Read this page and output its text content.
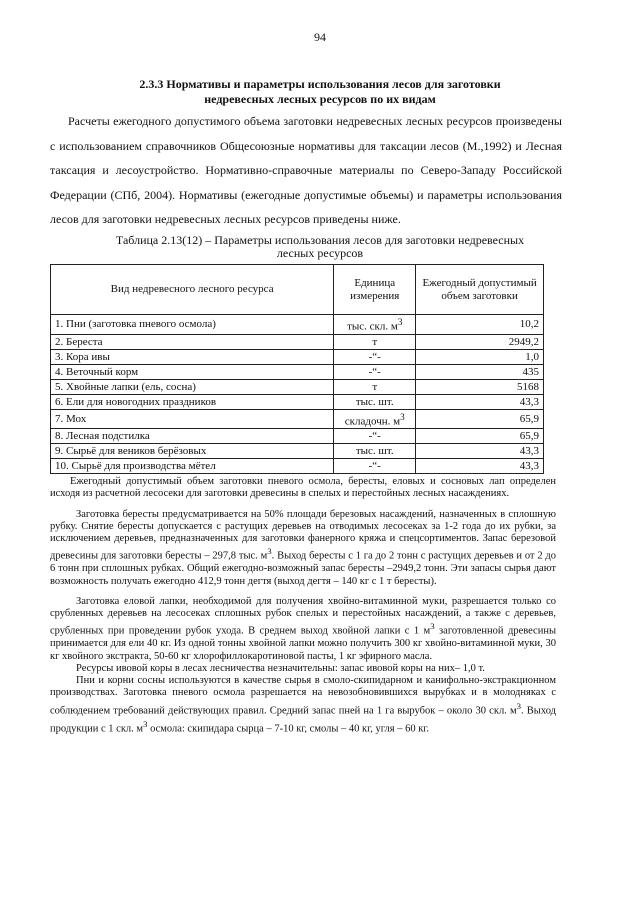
94
2.3.3 Нормативы и параметры использования лесов для заготовки
недревесных лесных ресурсов по их видам

Расчеты ежегодного допустимого объема заготовки недревесных лесных ресурсов произведены с использованием справочников Общесоюзные нормативы для таксации лесов (М.,1992) и Лесная таксация и лесоустройство. Нормативно-справочные материалы по Северо-Западу Российской Федерации (СПб, 2004). Нормативы (ежегодные допустимые объемы) и параметры использования лесов для заготовки недревесных лесных ресурсов приведены ниже.

Таблица 2.13(12) – Параметры использования лесов для заготовки недревесных
лесных ресурсов
Вид недревесного лесного ресурса	Единица измерения	Ежегодный допустимый объем заготовки
1. Пни (заготовка пневого осмола)	тыс. скл. $м^3$	10,2
2. Береста	т	2949,2
3. Кора ивы	-“-	1,0
4. Веточный корм	-“-	435
5. Хвойные лапки (ель, сосна)	т	5168
6. Ели для новогодних праздников	тыс. шт.	43,3
7. Мох	складочн. $м^3$	65,9
8. Лесная подстилка	-“-	65,9
9. Сырьё для веников берёзовых	тыс. шт.	43,3
10. Сырьё для производства мётел	-“-	43,3

Ежегодный допустимый объем заготовки пневого осмола, бересты, еловых и сосновых лап определен исходя из расчетной лесосеки для заготовки древесины в спелых и перестойных лесных насаждениях.

Заготовка бересты предусматривается на 50% площади березовых насаждений, назначенных в сплошную рубку. Снятие бересты допускается с растущих деревьев на отводимых лесосеках за 1-2 года до их рубки, за исключением деревьев, предназначенных для заготовки фанерного кряжа и спецсортиментов. Запас березовой древесины для заготовки бересты – 297,8 тыс. $м^3$. Выход бересты с 1 га до 2 тонн с растущих деревьев и от 2 до 6 тонн при сплошных рубках. Общий ежегодно-возможный запас бересты –2949,2 тонн. Эти запасы сырья дают возможность получать ежегодно 412,9 тонн дегтя (выход дегтя – 140 кг с 1 т бересты).

Заготовка еловой лапки, необходимой для получения хвойно-витаминной муки, разрешается только со срубленных деревьев на лесосеках сплошных рубок спелых и перестойных насаждений, а также с деревьев, срубленных при проведении рубок ухода. В среднем выход хвойной лапки с 1 $м^3$ заготовленной древесины принимается для ели 40 кг. Из одной тонны хвойной лапки можно получить 300 кг хвойно-витаминной муки, 30 кг хвойного экстракта, 50-60 кг хлорофиллокаротиновой пасты, 1 кг эфирного масла.

Ресурсы ивовой коры в лесах лесничества незначительны: запас ивовой коры на них– 1,0 т.

Пни и корни сосны используются в качестве сырья в смоло-скипидарном и канифольно-экстракционном производствах. Заготовка пневого осмола разрешается на невозобновившихся вырубках и в молодняках с соблюдением требований действующих правил. Средний запас пней на 1 га вырубок – около 30 скл. $м^3$. Выход продукции с 1 скл. $м^3$ осмола: скипидара сырца – 7-10 кг, смолы – 40 кг, угля – 60 кг.
